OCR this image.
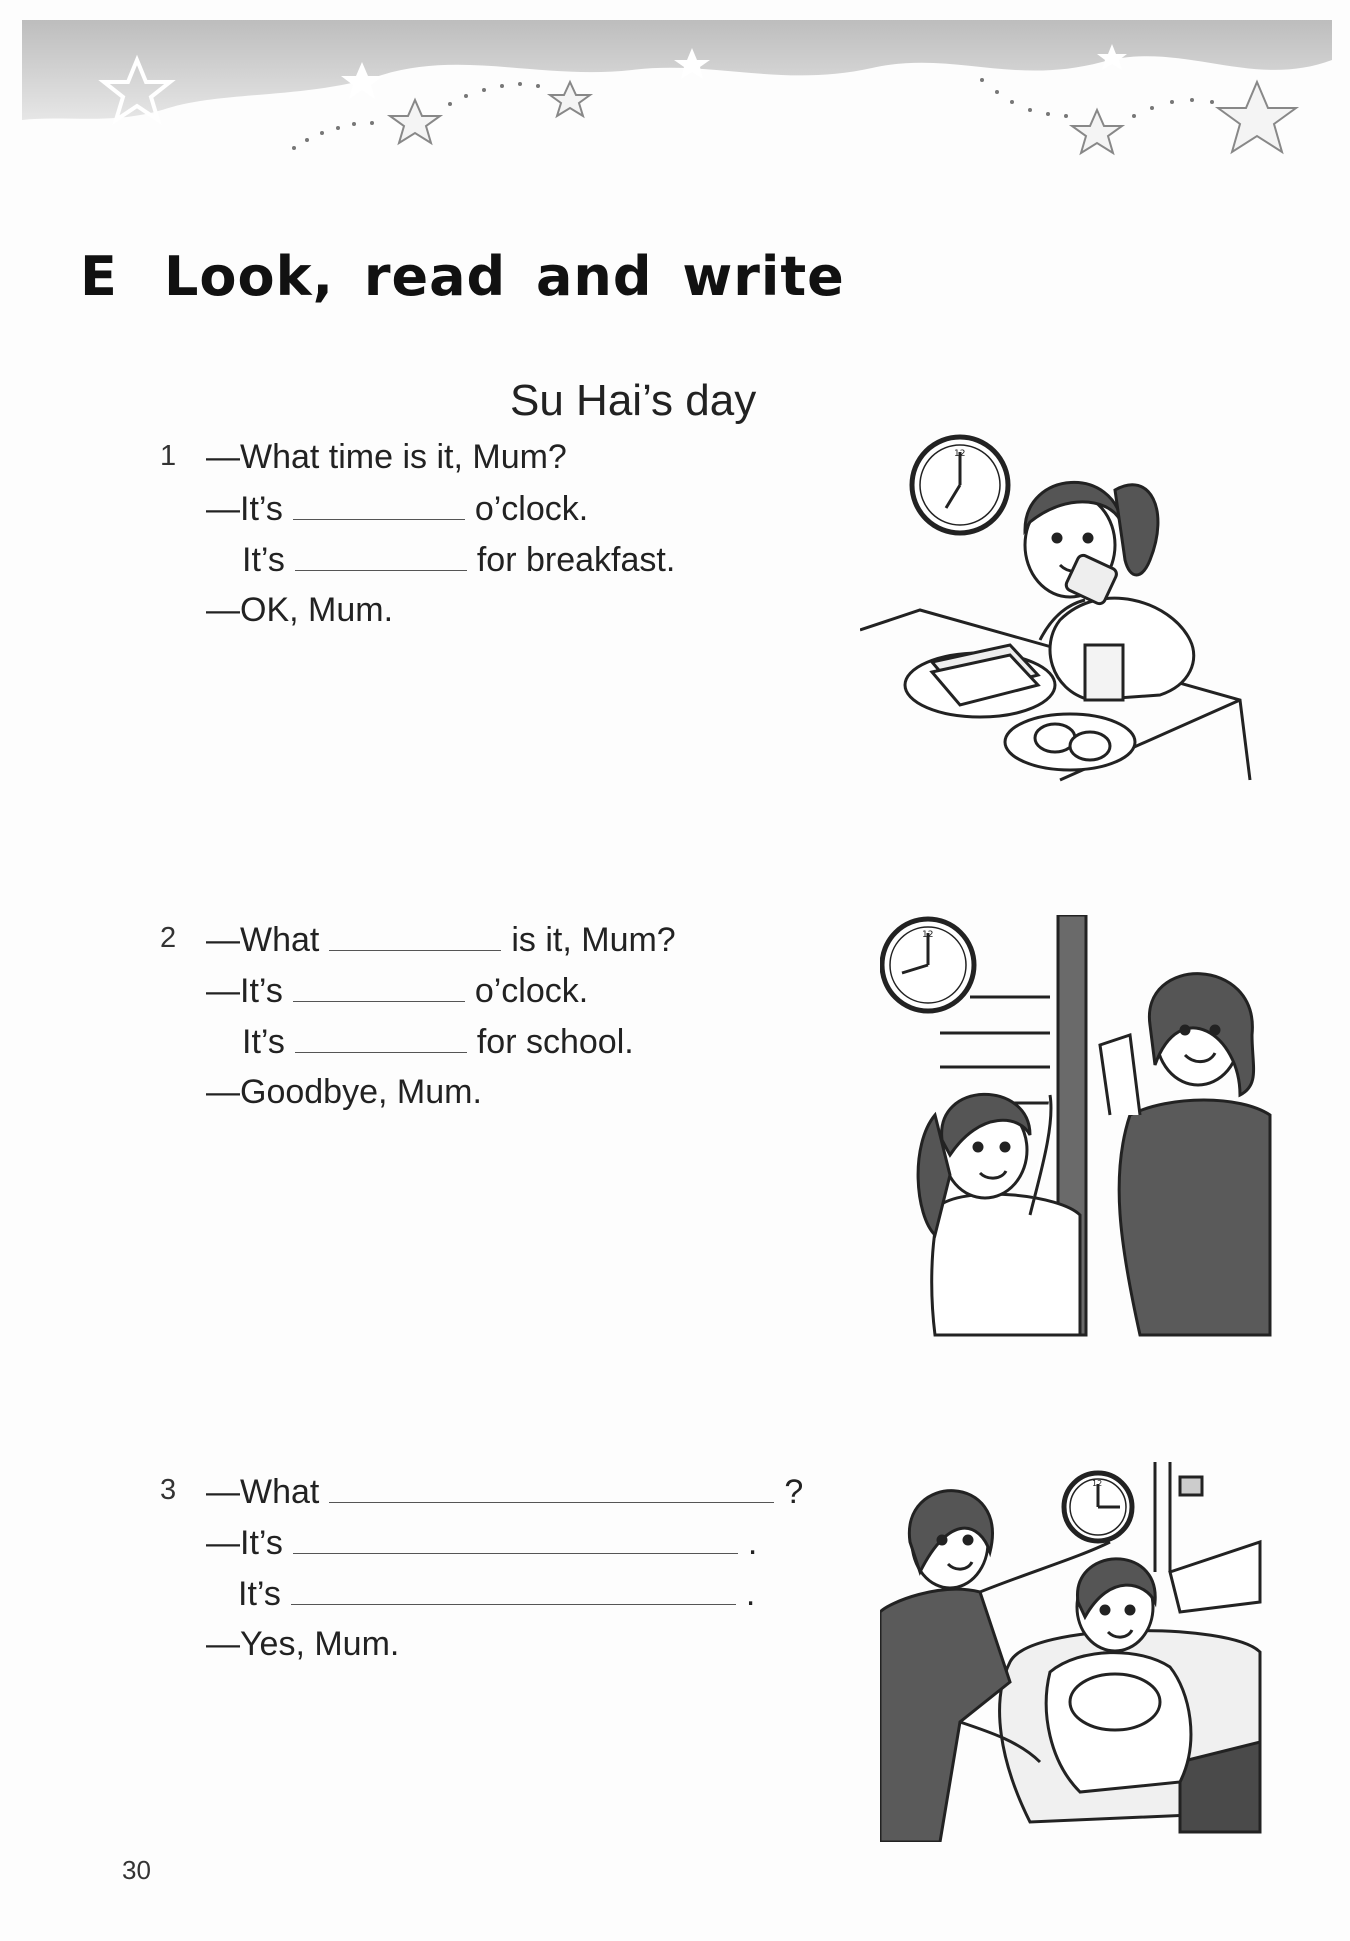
E Look, read and write
Su Hai’s day
1 —What time is it, Mum?
—It’s	o’clock.
It’s	for breakfast.
—OK, Mum.
2 —What	is it, Mum?
—It’s	o’clock.
It’s	for school.
—Goodbye, Mum.
3 —What	?
—It’s	.
It’s	.
—Yes, Mum.
12
12
12
30
